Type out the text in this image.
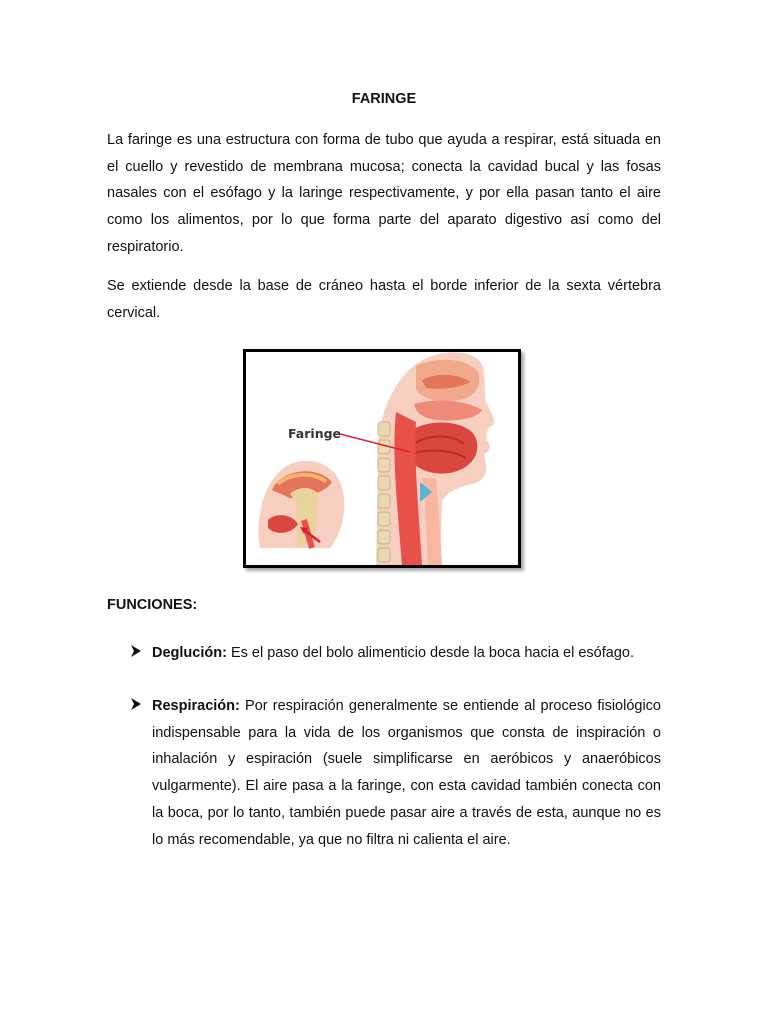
FARINGE

La faringe es una estructura con forma de tubo que ayuda a respirar, está situada en el cuello y revestido de membrana mucosa; conecta la cavidad bucal y las fosas nasales con el esófago y la laringe respectivamente, y por ella pasan tanto el aire como los alimentos, por lo que forma parte del aparato digestivo así como del respiratorio.

Se extiende desde la base de cráneo hasta el borde inferior de la sexta vértebra cervical.

Faringe
FUNCIONES:
Deglución: Es el paso del bolo alimenticio desde la boca hacia el esófago.
Respiración: Por respiración generalmente se entiende al proceso fisiológico indispensable para la vida de los organismos que consta de inspiración o inhalación y espiración (suele simplificarse en aeróbicos y anaeróbicos vulgarmente). El aire pasa a la faringe, con esta cavidad también conecta con la boca, por lo tanto, también puede pasar aire a través de esta, aunque no es lo más recomendable, ya que no filtra ni calienta el aire.
